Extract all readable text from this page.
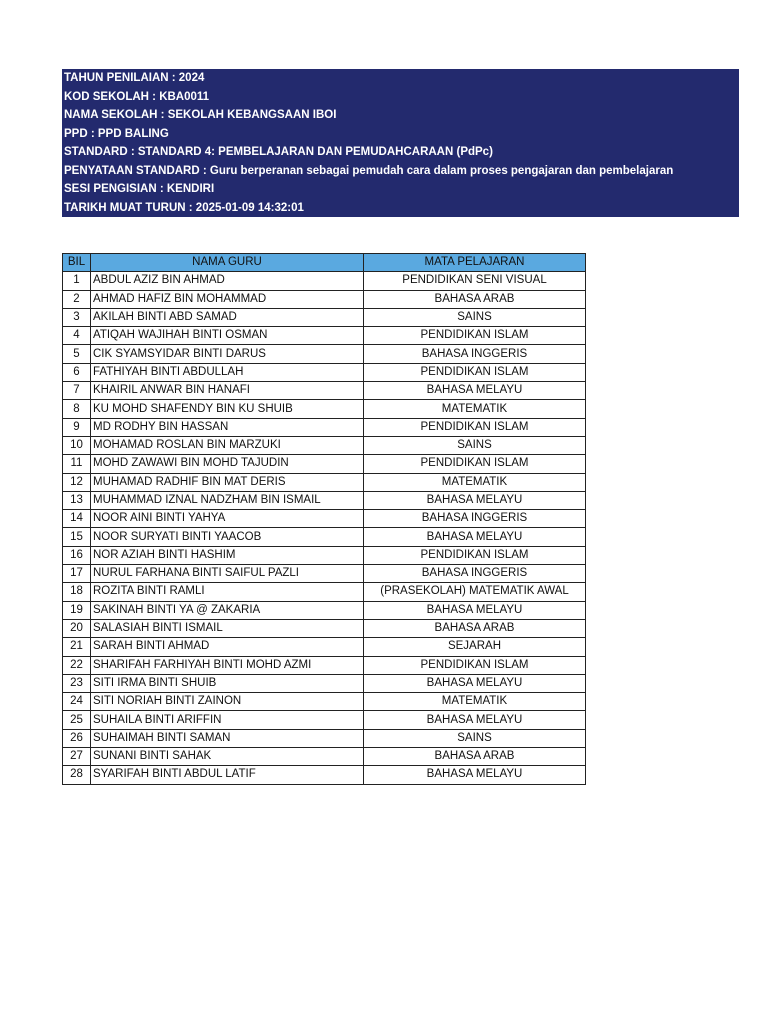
TAHUN PENILAIAN : 2024
KOD SEKOLAH : KBA0011
NAMA SEKOLAH : SEKOLAH KEBANGSAAN IBOI
PPD : PPD BALING
STANDARD : STANDARD 4: PEMBELAJARAN DAN PEMUDAHCARAAN (PdPc)
PENYATAAN STANDARD : Guru berperanan sebagai pemudah cara dalam proses pengajaran dan pembelajaran
SESI PENGISIAN : KENDIRI
TARIKH MUAT TURUN : 2025-01-09 14:32:01
BIL	NAMA GURU	MATA PELAJARAN
1	ABDUL AZIZ BIN AHMAD	PENDIDIKAN SENI VISUAL
2	AHMAD HAFIZ BIN MOHAMMAD	BAHASA ARAB
3	AKILAH BINTI ABD SAMAD	SAINS
4	ATIQAH WAJIHAH BINTI OSMAN	PENDIDIKAN ISLAM
5	CIK SYAMSYIDAR BINTI DARUS	BAHASA INGGERIS
6	FATHIYAH BINTI ABDULLAH	PENDIDIKAN ISLAM
7	KHAIRIL ANWAR BIN HANAFI	BAHASA MELAYU
8	KU MOHD SHAFENDY BIN KU SHUIB	MATEMATIK
9	MD RODHY BIN HASSAN	PENDIDIKAN ISLAM
10	MOHAMAD ROSLAN BIN MARZUKI	SAINS
11	MOHD ZAWAWI BIN MOHD TAJUDIN	PENDIDIKAN ISLAM
12	MUHAMAD RADHIF BIN MAT DERIS	MATEMATIK
13	MUHAMMAD IZNAL NADZHAM BIN ISMAIL	BAHASA MELAYU
14	NOOR AINI BINTI YAHYA	BAHASA INGGERIS
15	NOOR SURYATI BINTI YAACOB	BAHASA MELAYU
16	NOR AZIAH BINTI HASHIM	PENDIDIKAN ISLAM
17	NURUL FARHANA BINTI SAIFUL PAZLI	BAHASA INGGERIS
18	ROZITA BINTI RAMLI	(PRASEKOLAH) MATEMATIK AWAL
19	SAKINAH BINTI YA @ ZAKARIA	BAHASA MELAYU
20	SALASIAH BINTI ISMAIL	BAHASA ARAB
21	SARAH BINTI AHMAD	SEJARAH
22	SHARIFAH FARHIYAH BINTI MOHD AZMI	PENDIDIKAN ISLAM
23	SITI IRMA BINTI SHUIB	BAHASA MELAYU
24	SITI NORIAH BINTI ZAINON	MATEMATIK
25	SUHAILA BINTI ARIFFIN	BAHASA MELAYU
26	SUHAIMAH BINTI SAMAN	SAINS
27	SUNANI BINTI SAHAK	BAHASA ARAB
28	SYARIFAH BINTI ABDUL LATIF	BAHASA MELAYU
